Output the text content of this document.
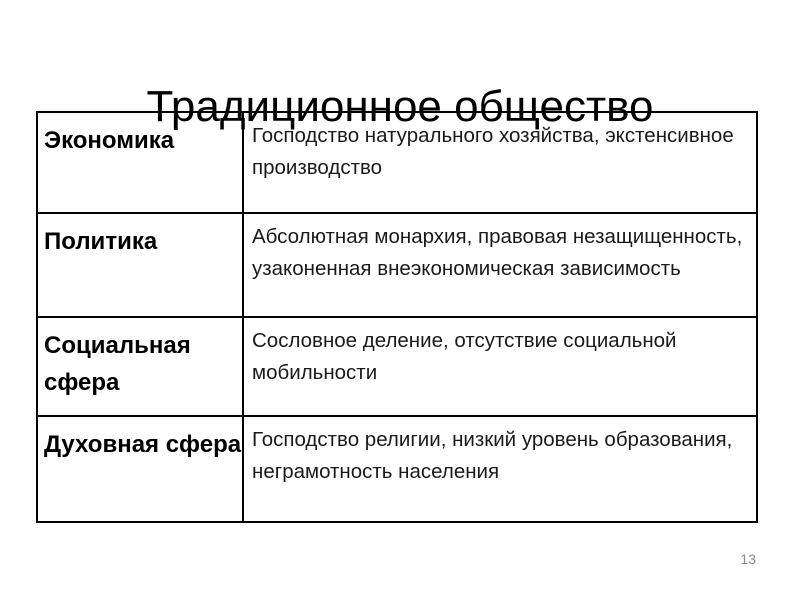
Традиционное общество
Экономика	Господство натурального хозяйства, экстенсивное производство

Политика	Абсолютная монархия, правовая незащищенность, узаконенная внеэкономическая зависимость

Социальная сфера	Сословное деление, отсутствие социальной мобильности

Духовная сфера	Господство религии, низкий уровень образования, неграмотность населения
13
